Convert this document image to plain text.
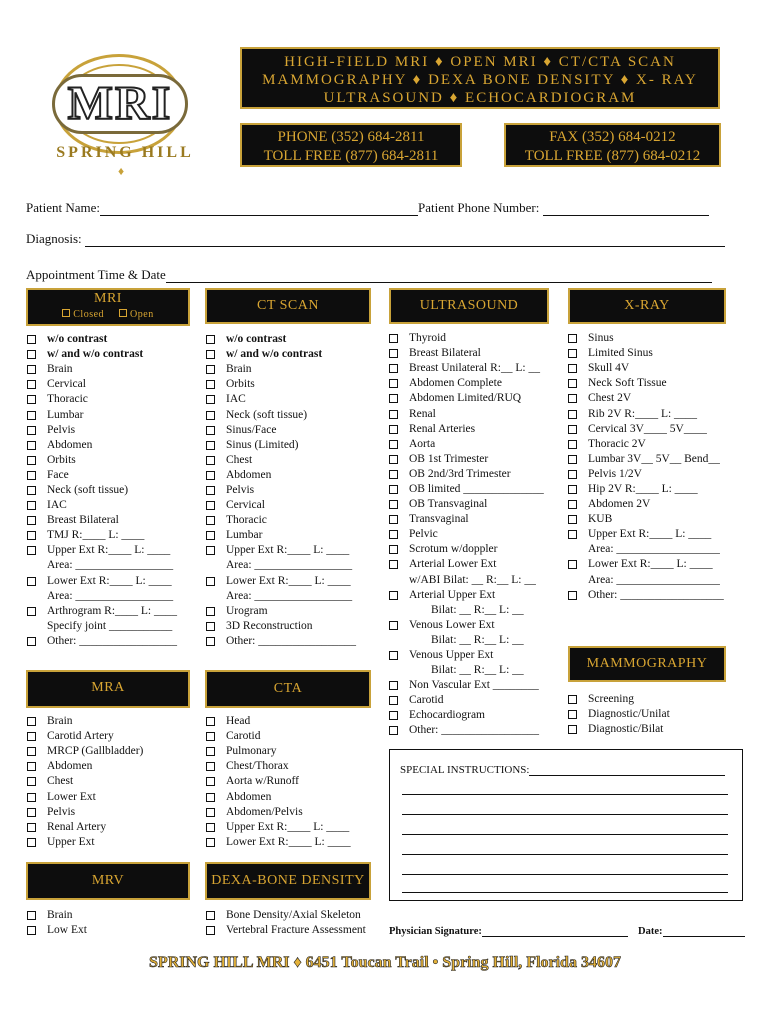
MRI
SPRING HILL
♦
HIGH-FIELD MRI ♦ OPEN MRI ♦ CT/CTA SCAN
MAMMOGRAPHY ♦ DEXA BONE DENSITY ♦ X- RAY
ULTRASOUND ♦ ECHOCARDIOGRAM
PHONE (352) 684-2811
TOLL FREE (877) 684-2811
FAX (352) 684-0212
TOLL FREE (877) 684-0212
Patient Name:	Patient Phone Number:
Diagnosis:
Appointment Time & Date
MRI
Closed	Open
w/o contrast
w/ and w/o contrast
Brain
Cervical
Thoracic
Lumbar
Pelvis
Abdomen
Orbits
Face
Neck (soft tissue)
IAC
Breast Bilateral
TMJ R:____ L: ____
Upper Ext R:____ L: ____
Area: _________________
Lower Ext R:____ L: ____
Area: _________________
Arthrogram R:____ L: ____
Specify joint ___________
Other: _________________
CT SCAN
w/o contrast
w/ and w/o contrast
Brain
Orbits
IAC
Neck (soft tissue)
Sinus/Face
Sinus (Limited)
Chest
Abdomen
Pelvis
Cervical
Thoracic
Lumbar
Upper Ext R:____ L: ____
Area: _________________
Lower Ext R:____ L: ____
Area: _________________
Urogram
3D Reconstruction
Other: _________________
ULTRASOUND
Thyroid
Breast Bilateral
Breast Unilateral R:__ L: __
Abdomen Complete
Abdomen Limited/RUQ
Renal
Renal Arteries
Aorta
OB 1st Trimester
OB 2nd/3rd Trimester
OB limited ______________
OB Transvaginal
Transvaginal
Pelvic
Scrotum w/doppler
Arterial Lower Ext
w/ABI Bilat: __ R:__ L: __
Arterial Upper Ext
Bilat: __ R:__ L: __
Venous Lower Ext
Bilat: __ R:__ L: __
Venous Upper Ext
Bilat: __ R:__ L: __
Non Vascular Ext ________
Carotid
Echocardiogram
Other: _________________
X-RAY
Sinus
Limited Sinus
Skull 4V
Neck Soft Tissue
Chest 2V
Rib 2V R:____ L: ____
Cervical 3V____ 5V____
Thoracic 2V
Lumbar 3V__ 5V__ Bend__
Pelvis 1/2V
Hip 2V R:____ L: ____
Abdomen 2V
KUB
Upper Ext R:____ L: ____
Area: __________________
Lower Ext R:____ L: ____
Area: __________________
Other: __________________
MAMMOGRAPHY
Screening
Diagnostic/Unilat
Diagnostic/Bilat
MRA
Brain
Carotid Artery
MRCP (Gallbladder)
Abdomen
Chest
Lower Ext
Pelvis
Renal Artery
Upper Ext
CTA
Head
Carotid
Pulmonary
Chest/Thorax
Aorta w/Runoff
Abdomen
Abdomen/Pelvis
Upper Ext R:____ L: ____
Lower Ext R:____ L: ____
MRV
Brain
Low Ext
DEXA-BONE DENSITY
Bone Density/Axial Skeleton
Vertebral Fracture Assessment
SPECIAL INSTRUCTIONS:
Physician Signature:	Date:
SPRING HILL MRI ♦ 6451 Toucan Trail • Spring Hill, Florida 34607
